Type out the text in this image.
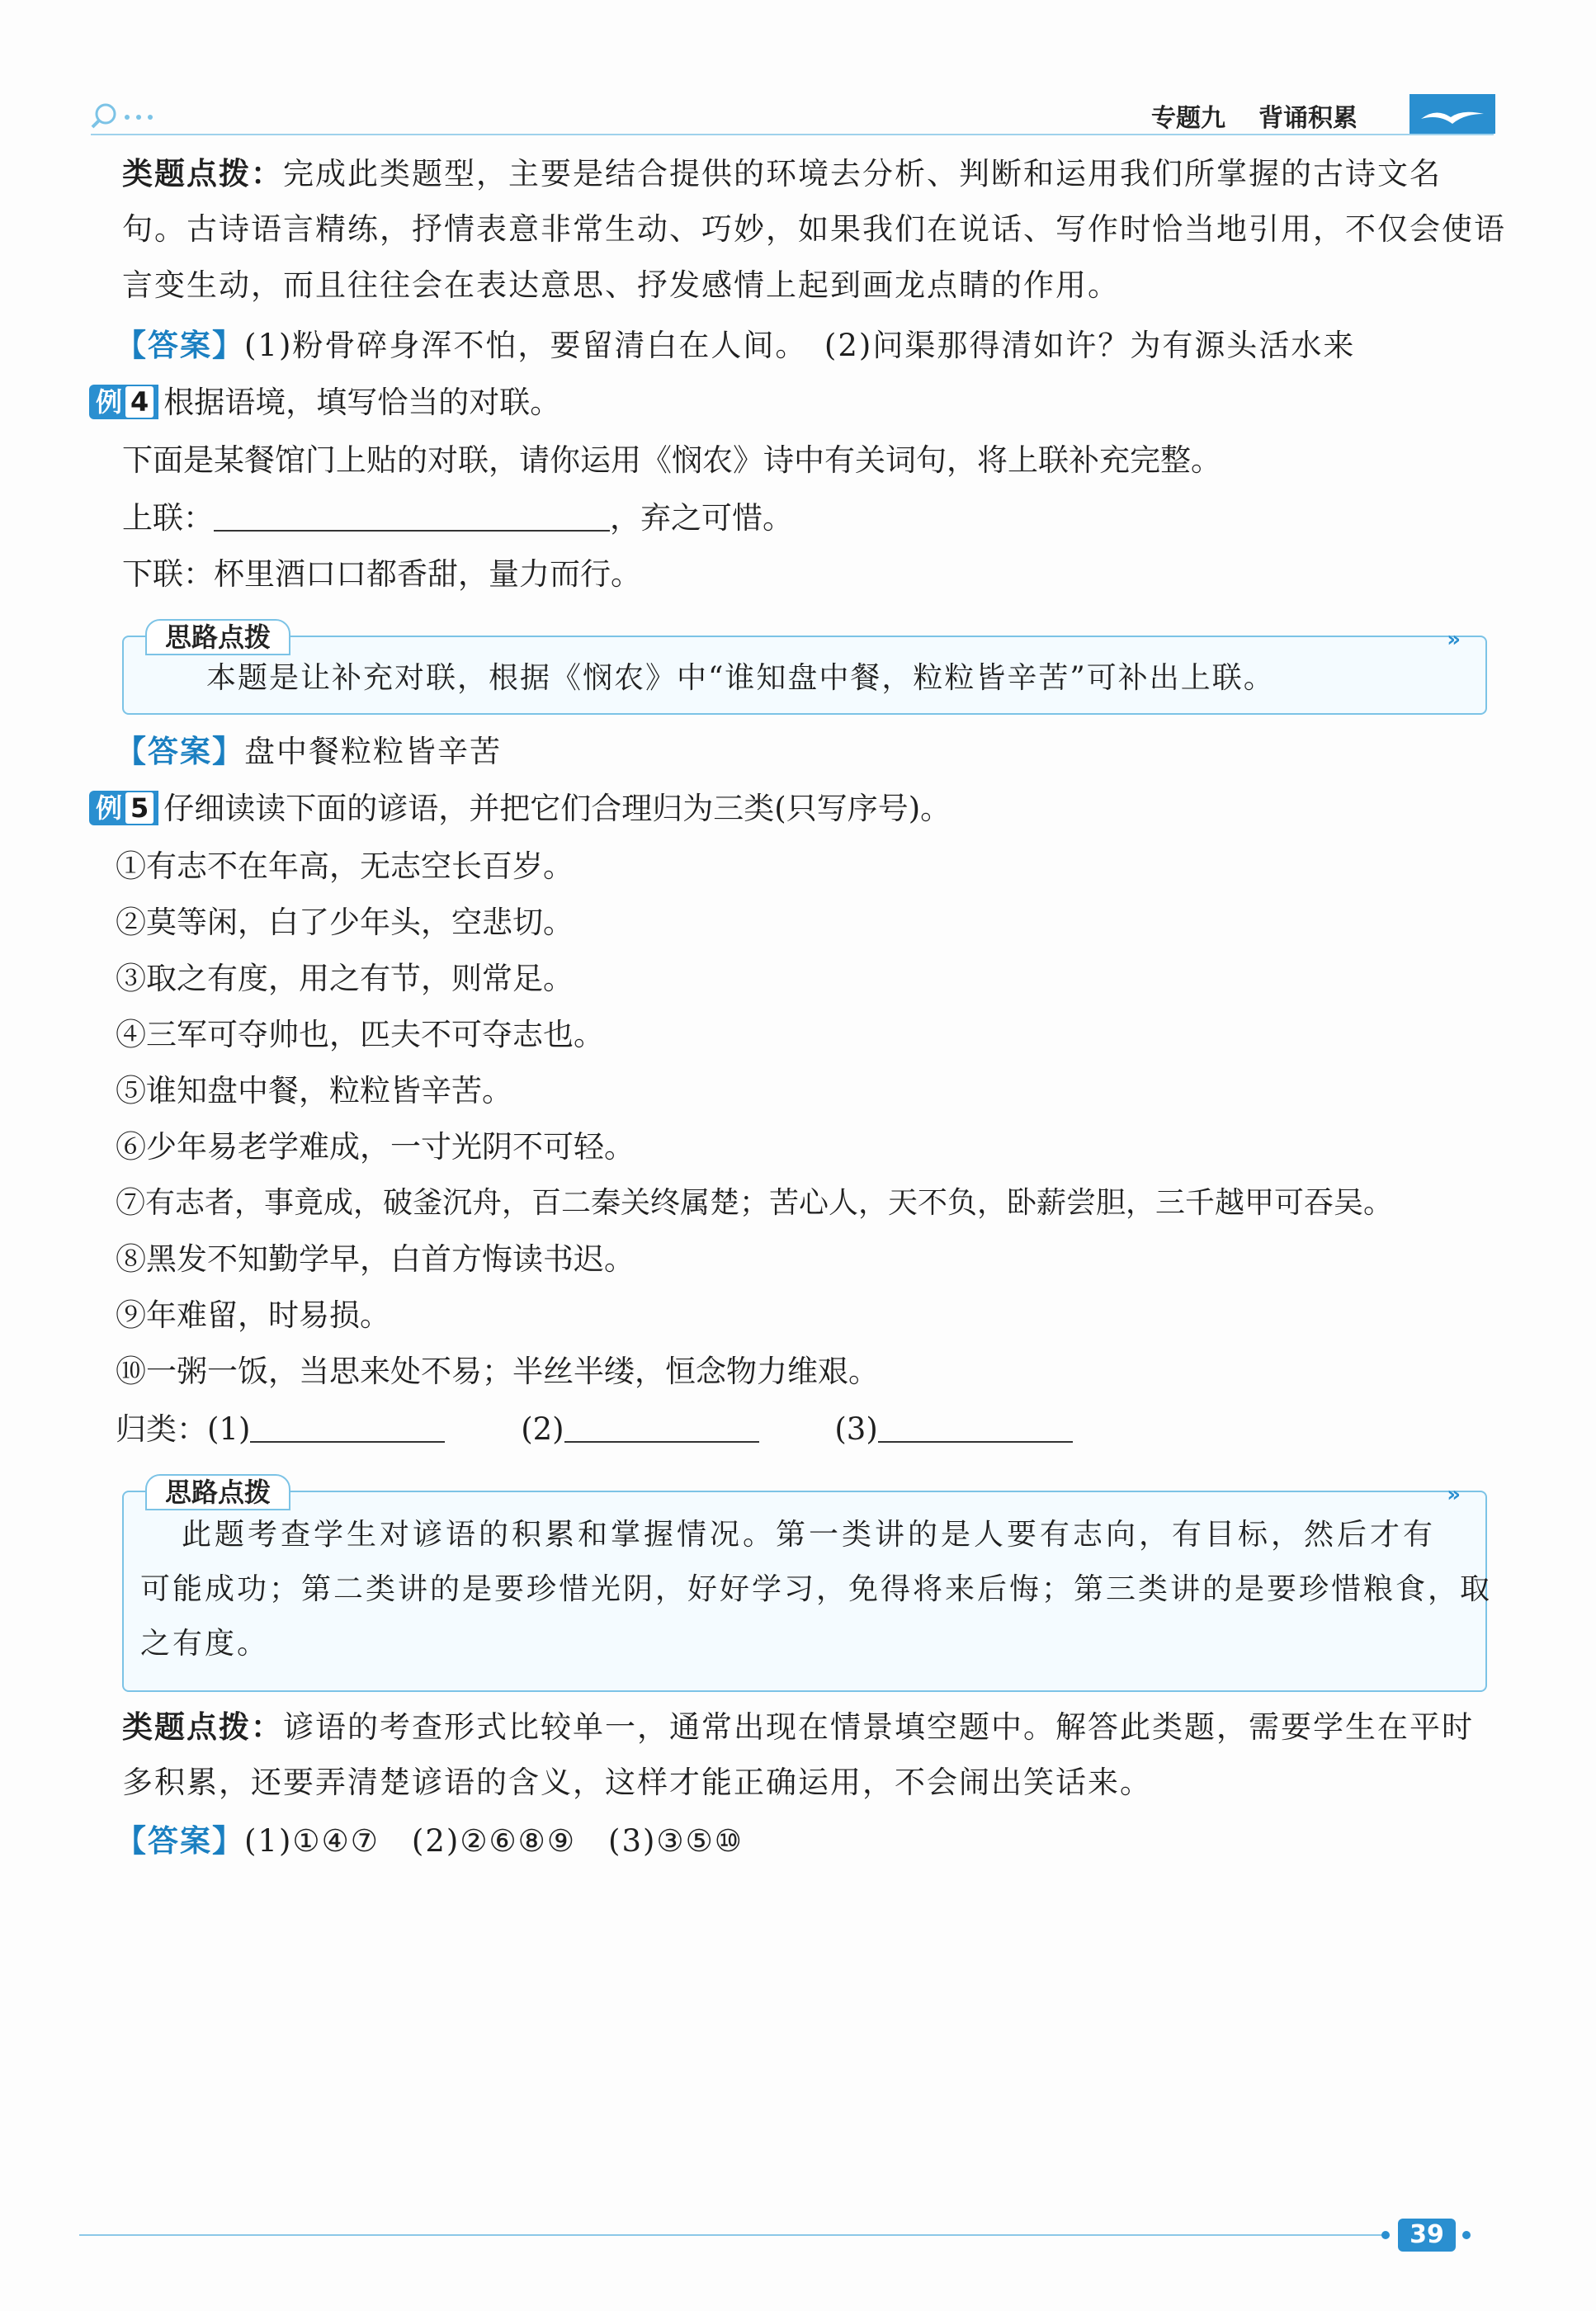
专题九 背诵积累
类题点拨：完成此类题型，主要是结合提供的环境去分析、判断和运用我们所掌握的古诗文名
句。古诗语言精练，抒情表意非常生动、巧妙，如果我们在说话、写作时恰当地引用，不仅会使语
言变生动，而且往往会在表达意思、抒发感情上起到画龙点睛的作用。
【答案】(1)粉骨碎身浑不怕，要留清白在人间。　(2)问渠那得清如许？为有源头活水来
例 4 根据语境，填写恰当的对联。
下面是某餐馆门上贴的对联，请你运用《悯农》诗中有关词句，将上联补充完整。
上联：	，弃之可惜。
下联：杯里酒口口都香甜，量力而行。
思路点拨	»
本题是让补充对联，根据《悯农》中“谁知盘中餐，粒粒皆辛苦”可补出上联。
【答案】盘中餐粒粒皆辛苦
例 5 仔细读读下面的谚语，并把它们合理归为三类(只写序号)。
①有志不在年高，无志空长百岁。
②莫等闲，白了少年头，空悲切。
③取之有度，用之有节，则常足。
④三军可夺帅也，匹夫不可夺志也。
⑤谁知盘中餐，粒粒皆辛苦。
⑥少年易老学难成，一寸光阴不可轻。
⑦有志者，事竟成，破釜沉舟，百二秦关终属楚；苦心人，天不负，卧薪尝胆，三千越甲可吞吴。
⑧黑发不知勤学早，白首方悔读书迟。
⑨年难留，时易损。
⑩一粥一饭，当思来处不易；半丝半缕，恒念物力维艰。
归类：(1)	(2)	(3)
思路点拨	»
此题考查学生对谚语的积累和掌握情况。第一类讲的是人要有志向，有目标，然后才有
可能成功；第二类讲的是要珍惜光阴，好好学习，免得将来后悔；第三类讲的是要珍惜粮食，取
之有度。
类题点拨：谚语的考查形式比较单一，通常出现在情景填空题中。解答此类题，需要学生在平时
多积累，还要弄清楚谚语的含义，这样才能正确运用，不会闹出笑话来。
【答案】(1)①④⑦　(2)②⑥⑧⑨　(3)③⑤⑩
39
